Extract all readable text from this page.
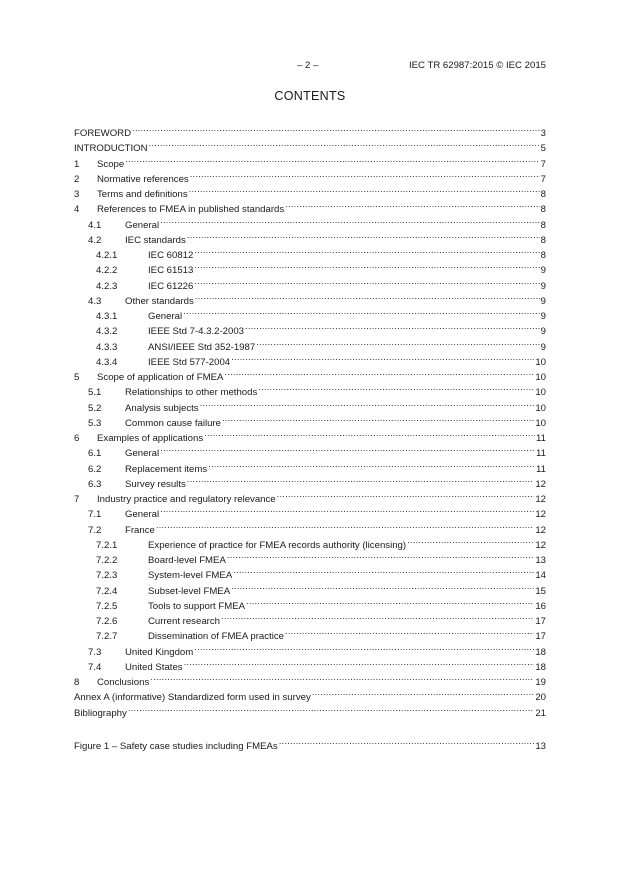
– 2 –	IEC TR 62987:2015 © IEC 2015
CONTENTS
FOREWORD .....	3
INTRODUCTION .....	5
1	Scope .....	7
2	Normative references .....	7
3	Terms and definitions .....	8
4	References to FMEA in published standards .....	8
4.1	General .....	8
4.2	IEC standards .....	8
4.2.1	IEC 60812 .....	8
4.2.2	IEC 61513 .....	9
4.2.3	IEC 61226 .....	9
4.3	Other standards .....	9
4.3.1	General .....	9
4.3.2	IEEE Std 7-4.3.2-2003 .....	9
4.3.3	ANSI/IEEE Std 352-1987 .....	9
4.3.4	IEEE Std 577-2004 .....	10
5	Scope of application of FMEA .....	10
5.1	Relationships to other methods .....	10
5.2	Analysis subjects .....	10
5.3	Common cause failure .....	10
6	Examples of applications .....	11
6.1	General .....	11
6.2	Replacement items .....	11
6.3	Survey results .....	12
7	Industry practice and regulatory relevance .....	12
7.1	General .....	12
7.2	France .....	12
7.2.1	Experience of practice for FMEA records authority (licensing) .....	12
7.2.2	Board-level FMEA .....	13
7.2.3	System-level FMEA .....	14
7.2.4	Subset-level FMEA .....	15
7.2.5	Tools to support FMEA .....	16
7.2.6	Current research .....	17
7.2.7	Dissemination of FMEA practice .....	17
7.3	United Kingdom .....	18
7.4	United States .....	18
8	Conclusions .....	19
Annex A (informative) Standardized form used in survey .....	20
Bibliography .....	21
Figure 1 – Safety case studies including FMEAs .....	13
